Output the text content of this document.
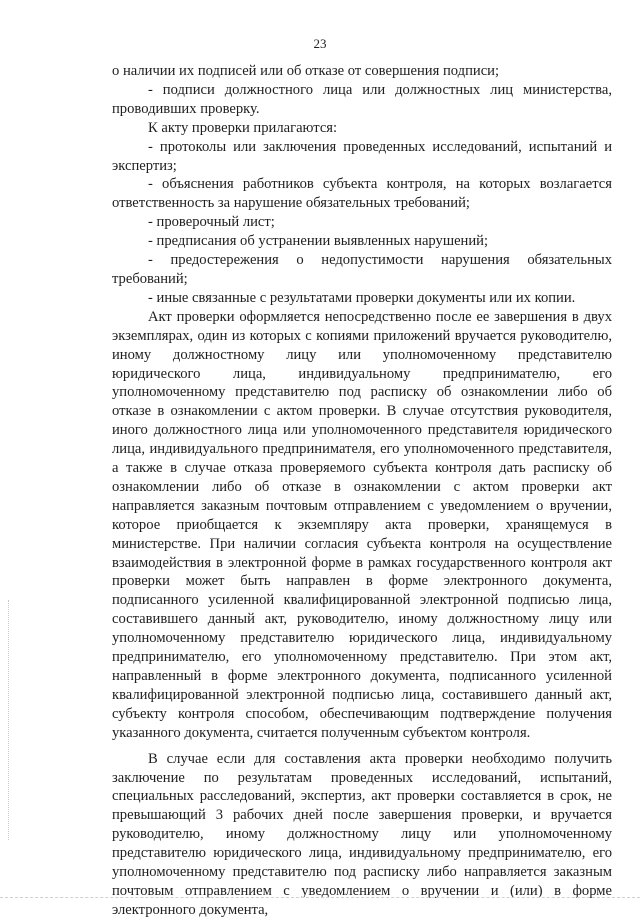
23

о наличии их подписей или об отказе от совершения подписи;

- подписи должностного лица или должностных лиц министерства, проводивших проверку.

К акту проверки прилагаются:

- протоколы или заключения проведенных исследований, испытаний и экспертиз;

- объяснения работников субъекта контроля, на которых возлагается ответственность за нарушение обязательных требований;

- проверочный лист;

- предписания об устранении выявленных нарушений;

- предостережения о недопустимости нарушения обязательных требований;

- иные связанные с результатами проверки документы или их копии.

Акт проверки оформляется непосредственно после ее завершения в двух экземплярах, один из которых с копиями приложений вручается руководителю, иному должностному лицу или уполномоченному представителю юридического лица, индивидуальному предпринимателю, его уполномоченному представителю под расписку об ознакомлении либо об отказе в ознакомлении с актом проверки. В случае отсутствия руководителя, иного должностного лица или уполномоченного представителя юридического лица, индивидуального предпринимателя, его уполномоченного представителя, а также в случае отказа проверяемого субъекта контроля дать расписку об ознакомлении либо об отказе в ознакомлении с актом проверки акт направляется заказным почтовым отправлением с уведомлением о вручении, которое приобщается к экземпляру акта проверки, хранящемуся в министерстве. При наличии согласия субъекта контроля на осуществление взаимодействия в электронной форме в рамках государственного контроля акт проверки может быть направлен в форме электронного документа, подписанного усиленной квалифицированной электронной подписью лица, составившего данный акт, руководителю, иному должностному лицу или уполномоченному представителю юридического лица, индивидуальному предпринимателю, его уполномоченному представителю. При этом акт, направленный в форме электронного документа, подписанного усиленной квалифицированной электронной подписью лица, составившего данный акт, субъекту контроля способом, обеспечивающим подтверждение получения указанного документа, считается полученным субъектом контроля.

В случае если для составления акта проверки необходимо получить заключение по результатам проведенных исследований, испытаний, специальных расследований, экспертиз, акт проверки составляется в срок, не превышающий 3 рабочих дней после завершения проверки, и вручается руководителю, иному должностному лицу или уполномоченному представителю юридического лица, индивидуальному предпринимателю, его уполномоченному представителю под расписку либо направляется заказным почтовым отправлением с уведомлением о вручении и (или) в форме электронного документа,
